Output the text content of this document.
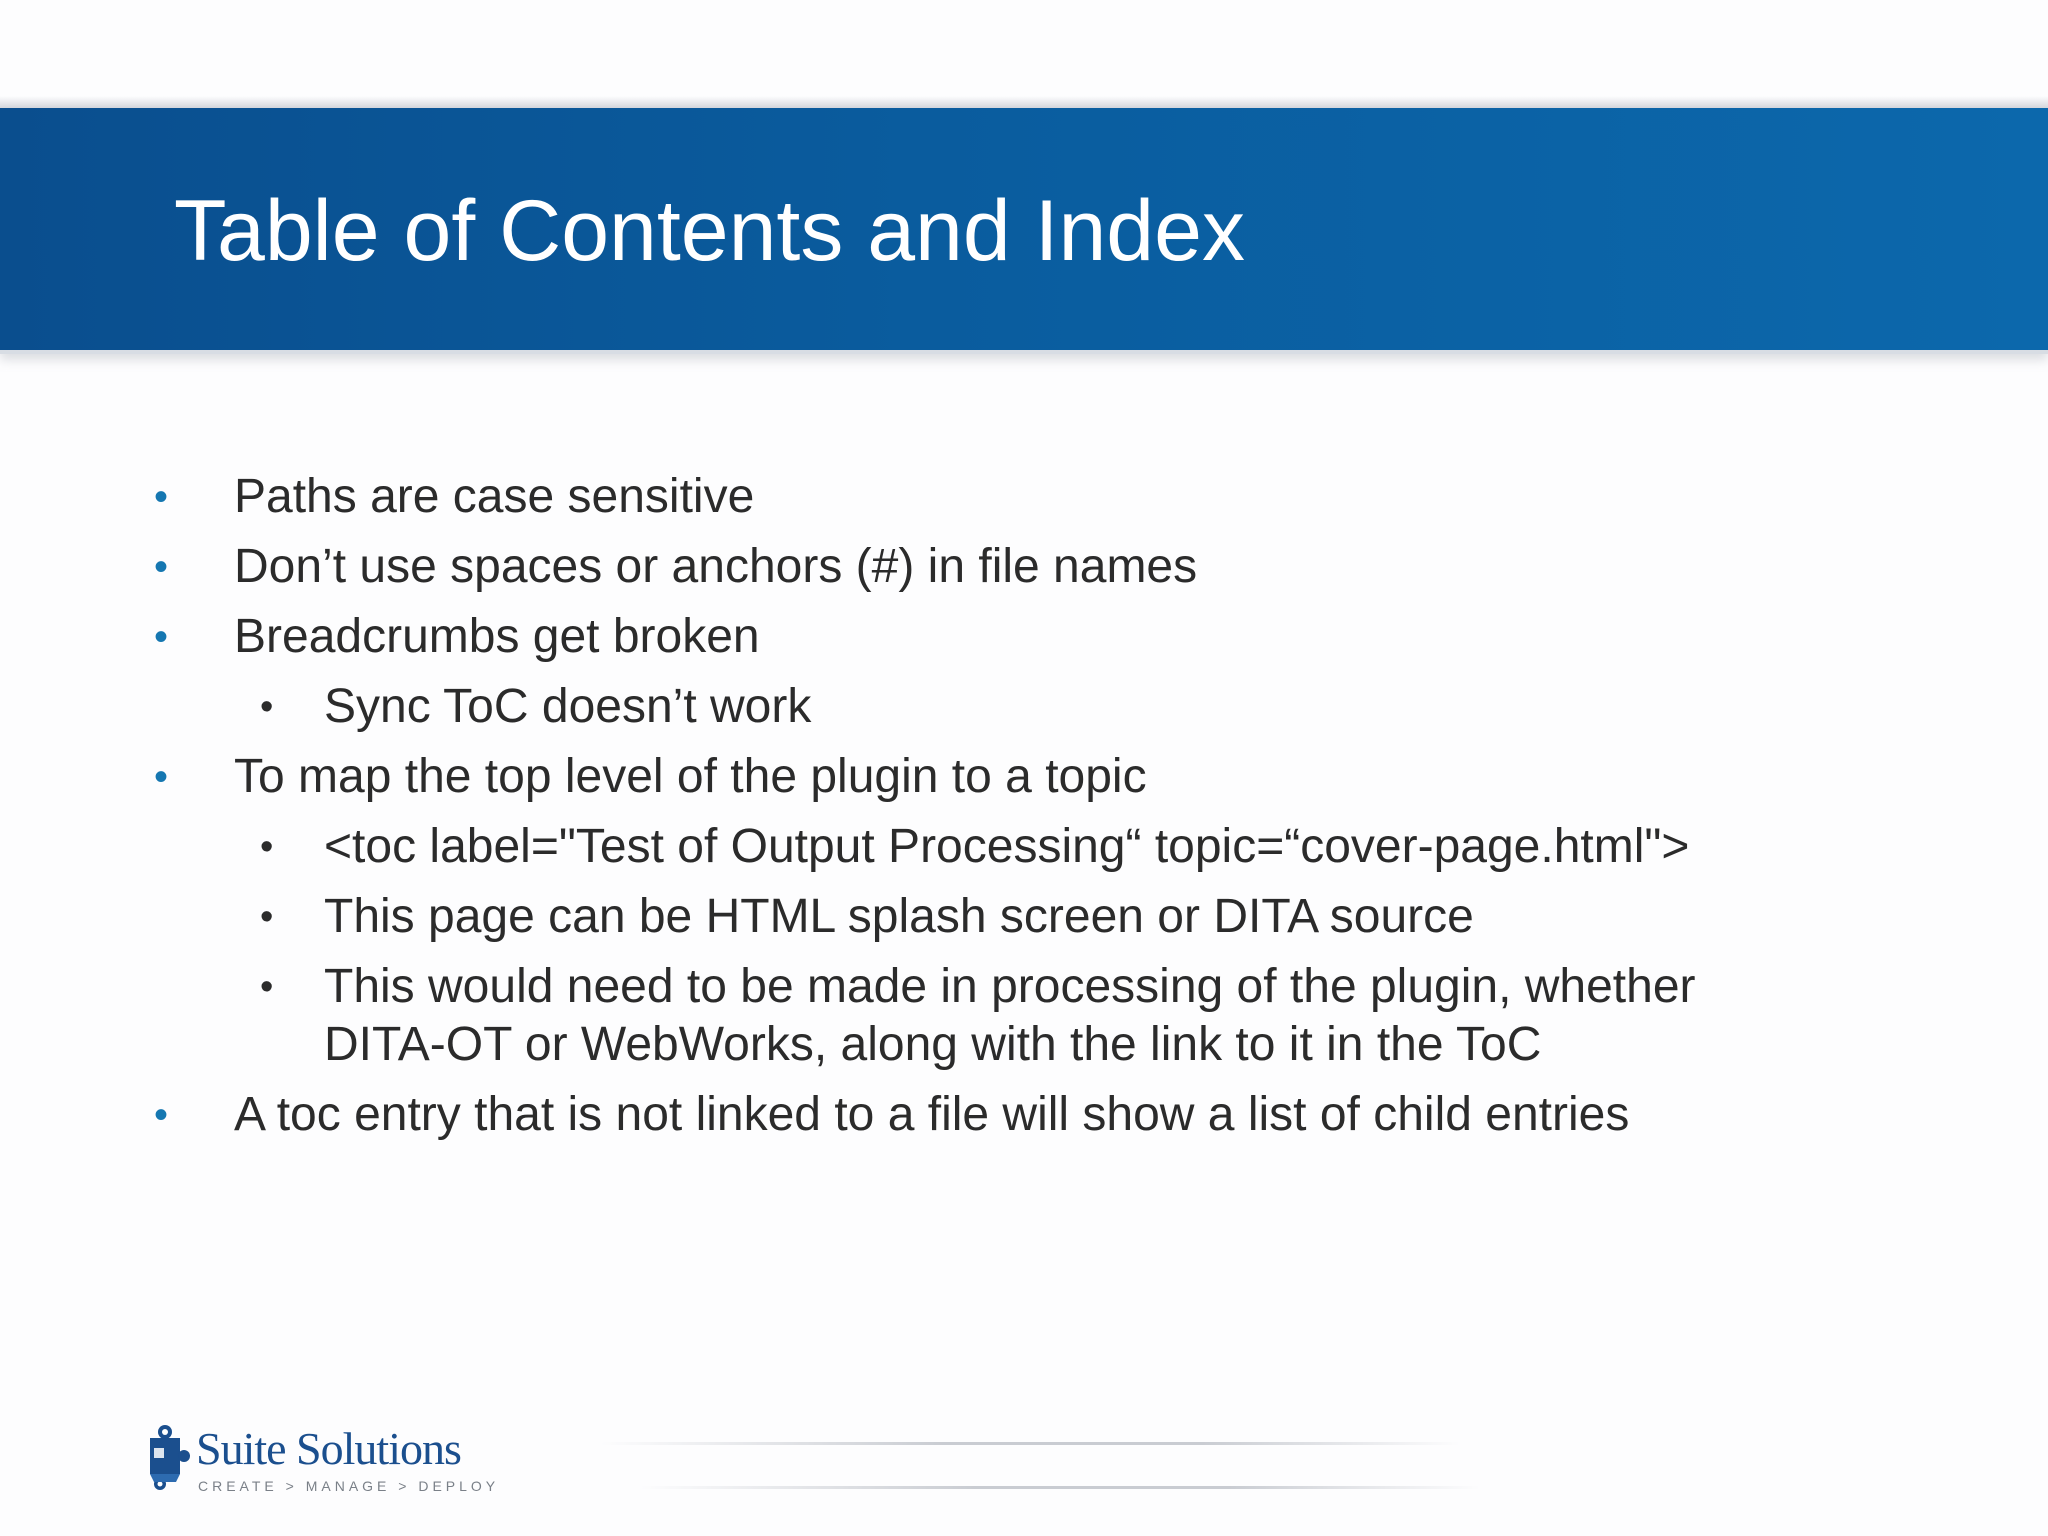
Table of Contents and Index
• Paths are case sensitive
• Don’t use spaces or anchors (#) in file names
• Breadcrumbs get broken
• Sync ToC doesn’t work
• To map the top level of the plugin to a topic
• <toc label="Test of Output Processing“ topic=“cover-page.html">
• This page can be HTML splash screen or DITA source
• This would need to be made in processing of the plugin, whether
DITA-OT or WebWorks, along with the link to it in the ToC
• A toc entry that is not linked to a file will show a list of child entries
Suite Solutions
CREATE > MANAGE > DEPLOY
